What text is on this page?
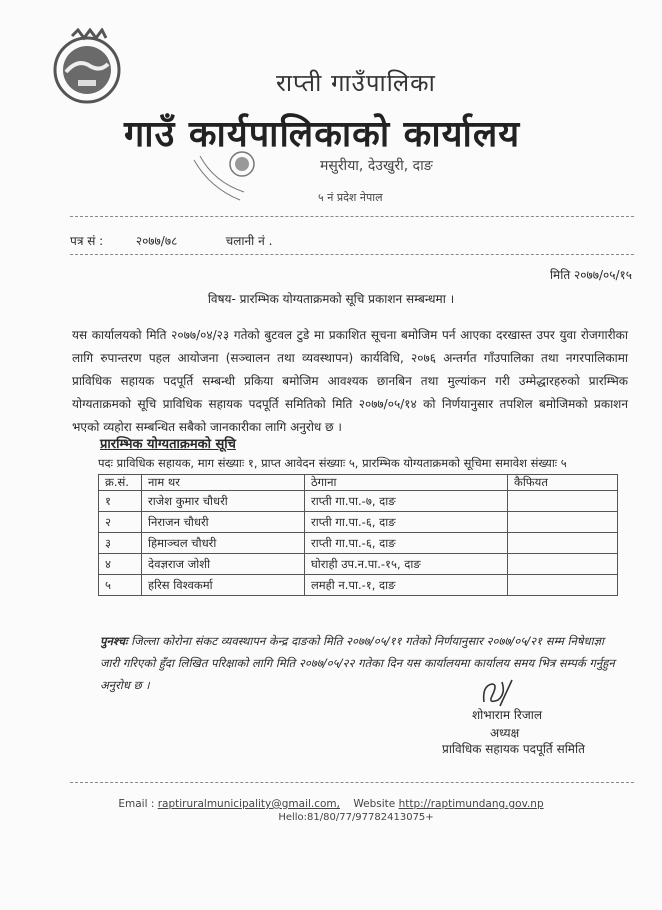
राप्ती गाउँपालिका
गाउँ कार्यपालिकाको कार्यालय
मसुरीया, देउखुरी, दाङ
५ नं प्रदेश नेपाल
पत्र सं :	२०७७/७८	चलानी नं .
मिति २०७७/०५/१५
विषय- प्रारम्भिक योग्यताक्रमको सूचि प्रकाशन सम्बन्धमा ।
यस कार्यालयको मिति २०७७/०४/२३ गतेको बुटवल टुडे मा प्रकाशित सूचना बमोजिम पर्न आएका दरखास्त उपर युवा रोजगारीका लागि रुपान्तरण पहल आयोजना (सञ्चालन तथा व्यवस्थापन) कार्यविधि, २०७६ अन्तर्गत गाँउपालिका तथा नगरपालिकामा प्राविधिक सहायक पदपूर्ति सम्बन्धी प्रकिया बमोजिम आवश्यक छानबिन तथा मुल्यांकन गरी उम्मेद्धारहरुको प्रारम्भिक योग्यताक्रमको सूचि प्राविधिक सहायक पदपूर्ति समितिको मिति २०७७/०५/१४ को निर्णयानुसार तपशिल बमोजिमको प्रकाशन भएको व्यहोरा सम्बन्धित सबैको जानकारीका लागि अनुरोध छ ।
प्रारम्भिक योग्यताक्रमको सूचि
पदः प्राविधिक सहायक, माग संख्याः १, प्राप्त आवेदन संख्याः ५, प्रारम्भिक योग्यताक्रमको सूचिमा समावेश संख्याः ५
क्र.सं.	नाम थर	ठेगाना	कैफियत
१	राजेश कुमार चौधरी	राप्ती गा.पा.-७, दाङ	
२	निराजन चौधरी	राप्ती गा.पा.-६, दाङ	
३	हिमाञ्चल चौधरी	राप्ती गा.पा.-६, दाङ	
४	देवज्ञराज जोशी	घोराही उप.न.पा.-१५, दाङ	
५	हरिस विश्वकर्मा	लमही न.पा.-१, दाङ	
पुनश्चः जिल्ला कोरोना संकट व्यवस्थापन केन्द्र दाङको मिति २०७७/०५/११ गतेको निर्णयानुसार २०७७/०५/२१ सम्म निषेधाज्ञा जारी गरिएको हुँदा लिखित परिक्षाको लागि मिति २०७७/०५/२२ गतेका दिन यस कार्यालयमा कार्यालय समय भित्र सम्पर्क गर्नुहुन अनुरोध छ ।
शोभाराम रिजाल
अध्यक्ष
प्राविधिक सहायक पदपूर्ति समिति
Email : raptiruralmunicipality@gmail.com, Website http://raptimundang.gov.np
Hello:81/80/77/97782413075+
